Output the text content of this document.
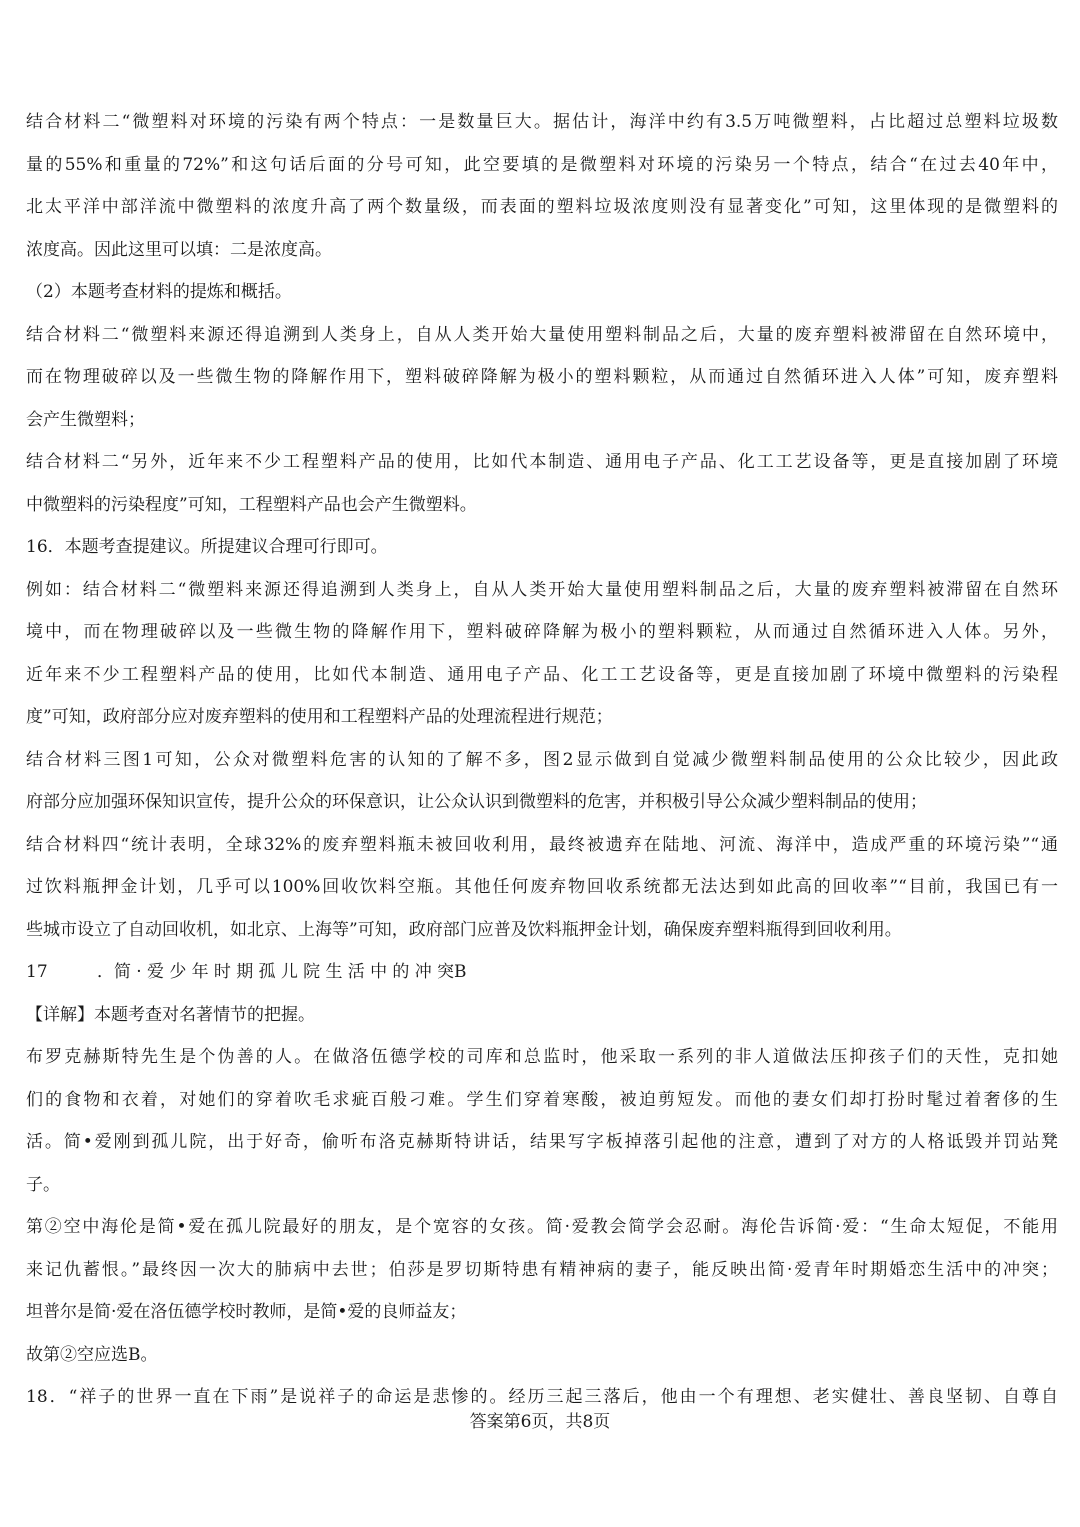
结合材料二“微塑料对环境的污染有两个特点：一是数量巨大。据估计，海洋中约有3.5万吨微塑料，占比超过总塑料垃圾数
量的55%和重量的72%”和这句话后面的分号可知，此空要填的是微塑料对环境的污染另一个特点，结合“在过去40年中，
北太平洋中部洋流中微塑料的浓度升高了两个数量级，而表面的塑料垃圾浓度则没有显著变化”可知，这里体现的是微塑料的
浓度高。因此这里可以填：二是浓度高。
（2）本题考查材料的提炼和概括。
结合材料二“微塑料来源还得追溯到人类身上，自从人类开始大量使用塑料制品之后，大量的废弃塑料被滞留在自然环境中，
而在物理破碎以及一些微生物的降解作用下，塑料破碎降解为极小的塑料颗粒，从而通过自然循环进入人体”可知，废弃塑料
会产生微塑料；
结合材料二“另外，近年来不少工程塑料产品的使用，比如代本制造、通用电子产品、化工工艺设备等，更是直接加剧了环境
中微塑料的污染程度”可知，工程塑料产品也会产生微塑料。
16．本题考查提建议。所提建议合理可行即可。
例如：结合材料二“微塑料来源还得追溯到人类身上，自从人类开始大量使用塑料制品之后，大量的废弃塑料被滞留在自然环
境中，而在物理破碎以及一些微生物的降解作用下，塑料破碎降解为极小的塑料颗粒，从而通过自然循环进入人体。另外，
近年来不少工程塑料产品的使用，比如代本制造、通用电子产品、化工工艺设备等，更是直接加剧了环境中微塑料的污染程
度”可知，政府部分应对废弃塑料的使用和工程塑料产品的处理流程进行规范；
结合材料三图1可知，公众对微塑料危害的认知的了解不多，图2显示做到自觉减少微塑料制品使用的公众比较少，因此政
府部分应加强环保知识宣传，提升公众的环保意识，让公众认识到微塑料的危害，并积极引导公众减少塑料制品的使用；
结合材料四“统计表明，全球32%的废弃塑料瓶未被回收利用，最终被遗弃在陆地、河流、海洋中，造成严重的环境污染”“通
过饮料瓶押金计划，几乎可以100%回收饮料空瓶。其他任何废弃物回收系统都无法达到如此高的回收率”“目前，我国已有一
些城市设立了自动回收机，如北京、上海等”可知，政府部门应普及饮料瓶押金计划，确保废弃塑料瓶得到回收利用。
17． 简·爱少年时期孤儿院生活中的冲突 B
【详解】本题考查对名著情节的把握。
布罗克赫斯特先生是个伪善的人。在做洛伍德学校的司库和总监时，他采取一系列的非人道做法压抑孩子们的天性，克扣她
们的食物和衣着，对她们的穿着吹毛求疵百般刁难。学生们穿着寒酸，被迫剪短发。而他的妻女们却打扮时髦过着奢侈的生
活。简•爱刚到孤儿院，出于好奇，偷听布洛克赫斯特讲话，结果写字板掉落引起他的注意，遭到了对方的人格诋毁并罚站凳
子。
第②空中海伦是简•爱在孤儿院最好的朋友，是个宽容的女孩。简·爱教会简学会忍耐。海伦告诉简·爱：“生命太短促，不能用
来记仇蓄恨。”最终因一次大的肺病中去世；伯莎是罗切斯特患有精神病的妻子，能反映出简·爱青年时期婚恋生活中的冲突；
坦普尔是简·爱在洛伍德学校时教师，是简•爱的良师益友；
故第②空应选B。
18．“祥子的世界一直在下雨”是说祥子的命运是悲惨的。经历三起三落后，他由一个有理想、老实健壮、善良坚韧、自尊自
答案第6页，共8页
